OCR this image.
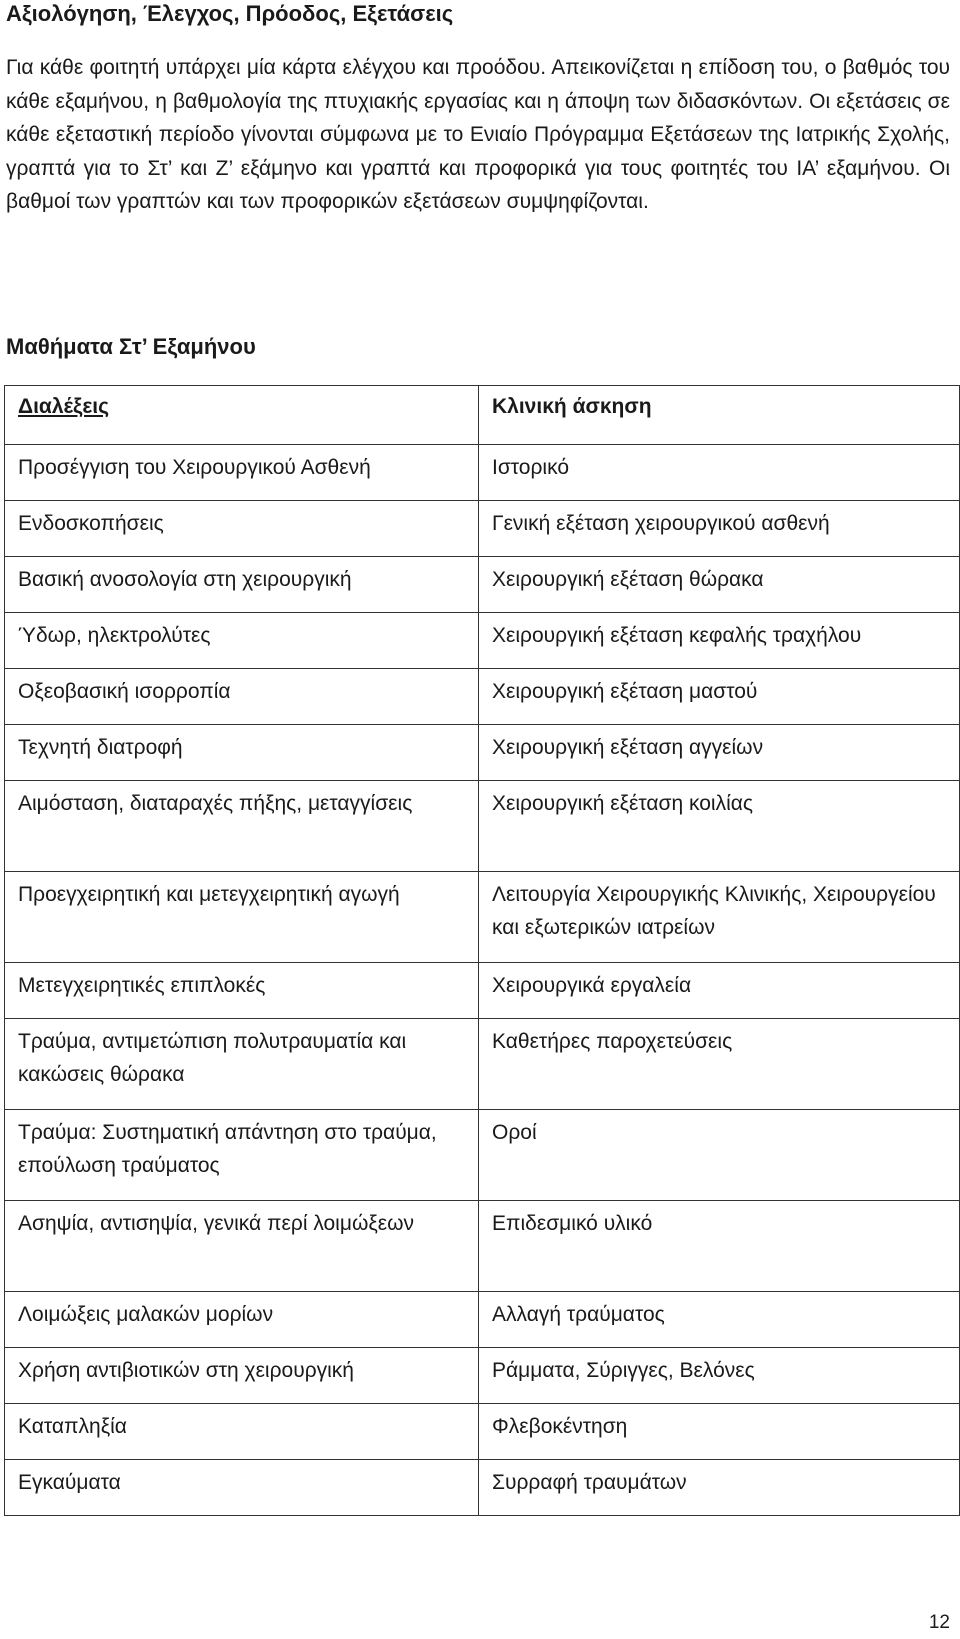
Αξιολόγηση, Έλεγχος, Πρόοδος, Εξετάσεις

Για κάθε φοιτητή υπάρχει μία κάρτα ελέγχου και προόδου. Απεικονίζεται η επίδοση του, ο βαθμός του κάθε εξαμήνου, η βαθμολογία της πτυχιακής εργασίας και η άποψη των διδασκόντων. Οι εξετάσεις σε κάθε εξεταστική περίοδο γίνονται σύμφωνα με το Ενιαίο Πρόγραμμα Εξετάσεων της Ιατρικής Σχολής, γραπτά για το Στ’ και Ζ’ εξάμηνο και γραπτά και προφορικά για τους φοιτητές του ΙΑ’ εξαμήνου. Οι βαθμοί των γραπτών και των προφορικών εξετάσεων συμψηφίζονται.

Μαθήματα Στ’ Εξαμήνου
Διαλέξεις	Κλινική άσκηση
Προσέγγιση του Χειρουργικού Ασθενή	Ιστορικό
Ενδοσκοπήσεις	Γενική εξέταση χειρουργικού ασθενή
Βασική ανοσολογία στη χειρουργική	Χειρουργική εξέταση θώρακα
Ύδωρ, ηλεκτρολύτες	Χειρουργική εξέταση κεφαλής τραχήλου
Οξεοβασική ισορροπία	Χειρουργική εξέταση μαστού
Τεχνητή διατροφή	Χειρουργική εξέταση αγγείων
Αιμόσταση, διαταραχές πήξης, μεταγγίσεις	Χειρουργική εξέταση κοιλίας
Προεγχειρητική και μετεγχειρητική αγωγή	Λειτουργία Χειρουργικής Κλινικής, Χειρουργείου και εξωτερικών ιατρείων
Μετεγχειρητικές επιπλοκές	Χειρουργικά εργαλεία
Τραύμα, αντιμετώπιση πολυτραυματία και κακώσεις θώρακα	Καθετήρες παροχετεύσεις
Τραύμα: Συστηματική απάντηση στο τραύμα, επούλωση τραύματος	Οροί
Ασηψία, αντισηψία, γενικά περί λοιμώξεων	Επιδεσμικό υλικό
Λοιμώξεις μαλακών μορίων	Αλλαγή τραύματος
Χρήση αντιβιοτικών στη χειρουργική	Ράμματα, Σύριγγες, Βελόνες
Καταπληξία	Φλεβοκέντηση
Εγκαύματα	Συρραφή τραυμάτων
12
